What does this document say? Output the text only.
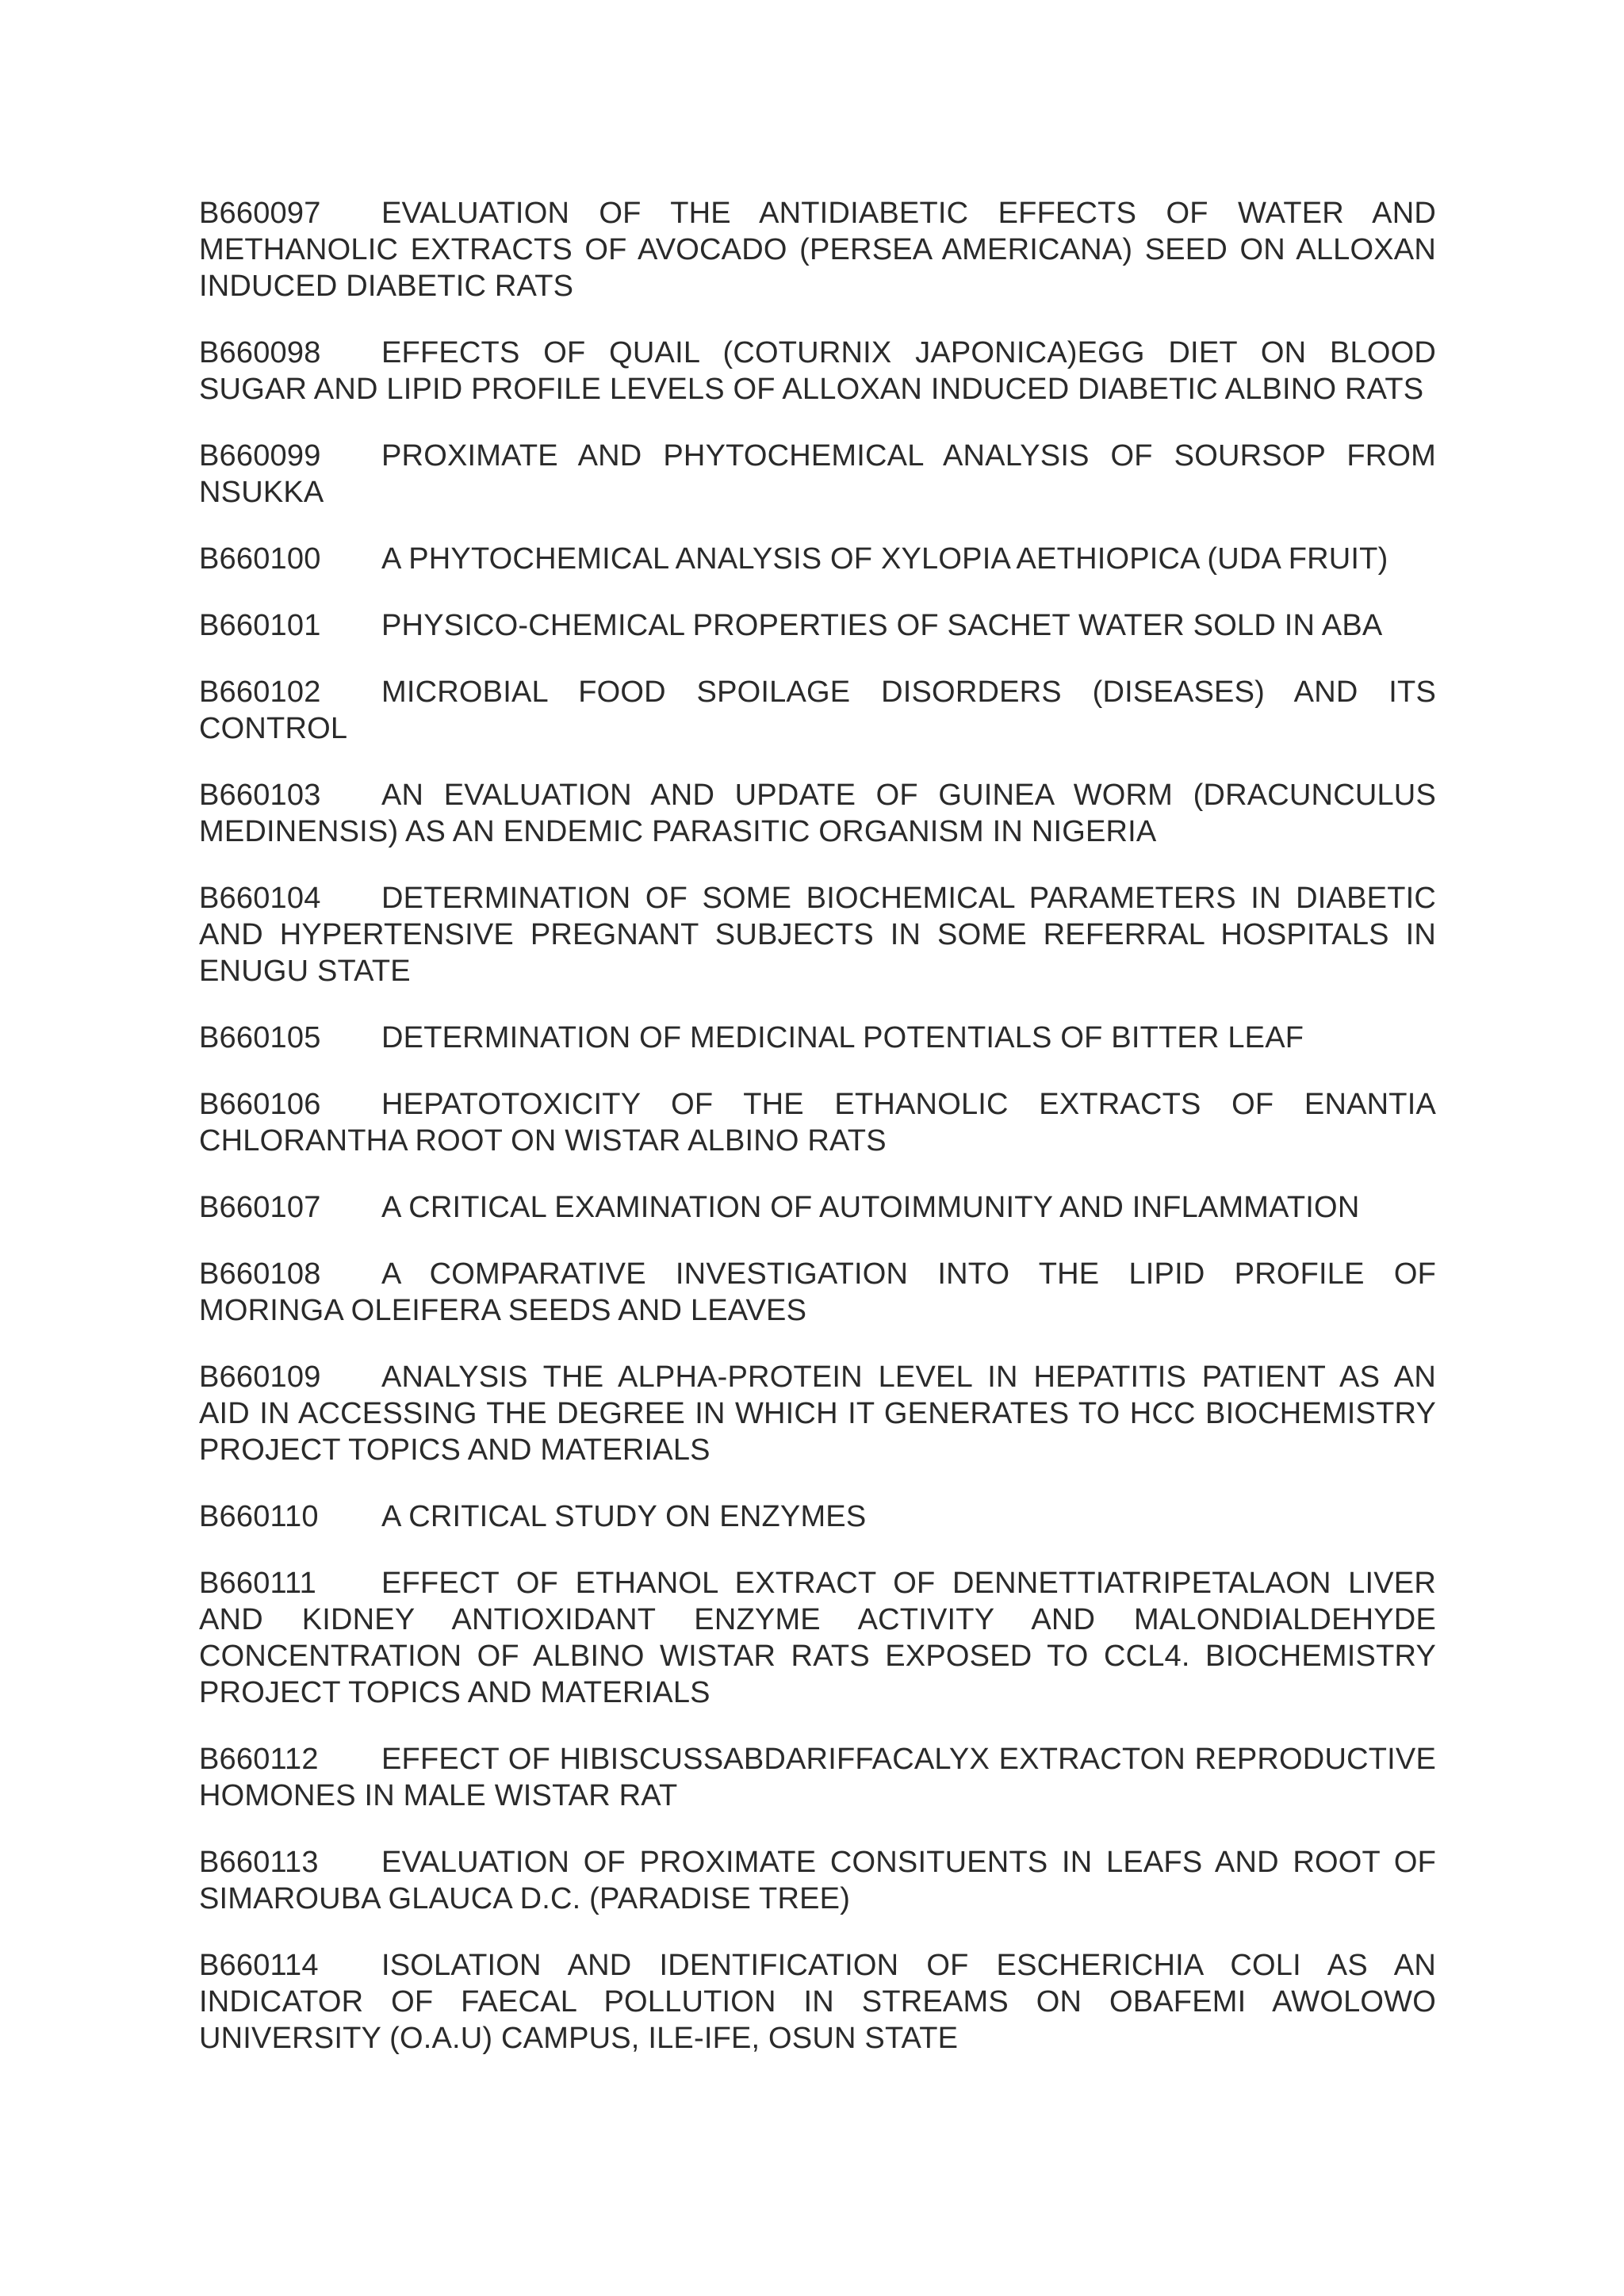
B660097 EVALUATION OF THE ANTIDIABETIC EFFECTS OF WATER AND METHANOLIC EXTRACTS OF AVOCADO (PERSEA AMERICANA) SEED ON ALLOXAN INDUCED DIABETIC RATS

B660098 EFFECTS OF QUAIL (COTURNIX JAPONICA)EGG DIET ON BLOOD SUGAR AND LIPID PROFILE LEVELS OF ALLOXAN INDUCED DIABETIC ALBINO RATS

B660099 PROXIMATE AND PHYTOCHEMICAL ANALYSIS OF SOURSOP FROM NSUKKA

B660100 A PHYTOCHEMICAL ANALYSIS OF XYLOPIA AETHIOPICA (UDA FRUIT)

B660101 PHYSICO-CHEMICAL PROPERTIES OF SACHET WATER SOLD IN ABA

B660102 MICROBIAL FOOD SPOILAGE DISORDERS (DISEASES) AND ITS CONTROL

B660103 AN EVALUATION AND UPDATE OF GUINEA WORM (DRACUNCULUS MEDINENSIS) AS AN ENDEMIC PARASITIC ORGANISM IN NIGERIA

B660104 DETERMINATION OF SOME BIOCHEMICAL PARAMETERS IN DIABETIC AND HYPERTENSIVE PREGNANT SUBJECTS IN SOME REFERRAL HOSPITALS IN ENUGU STATE

B660105 DETERMINATION OF MEDICINAL POTENTIALS OF BITTER LEAF

B660106 HEPATOTOXICITY OF THE ETHANOLIC EXTRACTS OF ENANTIA CHLORANTHA ROOT ON WISTAR ALBINO RATS

B660107 A CRITICAL EXAMINATION OF AUTOIMMUNITY AND INFLAMMATION

B660108 A COMPARATIVE INVESTIGATION INTO THE LIPID PROFILE OF MORINGA OLEIFERA SEEDS AND LEAVES

B660109 ANALYSIS THE ALPHA-PROTEIN LEVEL IN HEPATITIS PATIENT AS AN AID IN ACCESSING THE DEGREE IN WHICH IT GENERATES TO HCC BIOCHEMISTRY PROJECT TOPICS AND MATERIALS

B660110 A CRITICAL STUDY ON ENZYMES

B660111 EFFECT OF ETHANOL EXTRACT OF DENNETTIATRIPETALAON LIVER AND KIDNEY ANTIOXIDANT ENZYME ACTIVITY AND MALONDIALDEHYDE CONCENTRATION OF ALBINO WISTAR RATS EXPOSED TO CCL4. BIOCHEMISTRY PROJECT TOPICS AND MATERIALS

B660112 EFFECT OF HIBISCUSSABDARIFFACALYX EXTRACTON REPRODUCTIVE HOMONES IN MALE WISTAR RAT

B660113 EVALUATION OF PROXIMATE CONSITUENTS IN LEAFS AND ROOT OF SIMAROUBA GLAUCA D.C. (PARADISE TREE)

B660114 ISOLATION AND IDENTIFICATION OF ESCHERICHIA COLI AS AN INDICATOR OF FAECAL POLLUTION IN STREAMS ON OBAFEMI AWOLOWO UNIVERSITY (O.A.U) CAMPUS, ILE-IFE, OSUN STATE
